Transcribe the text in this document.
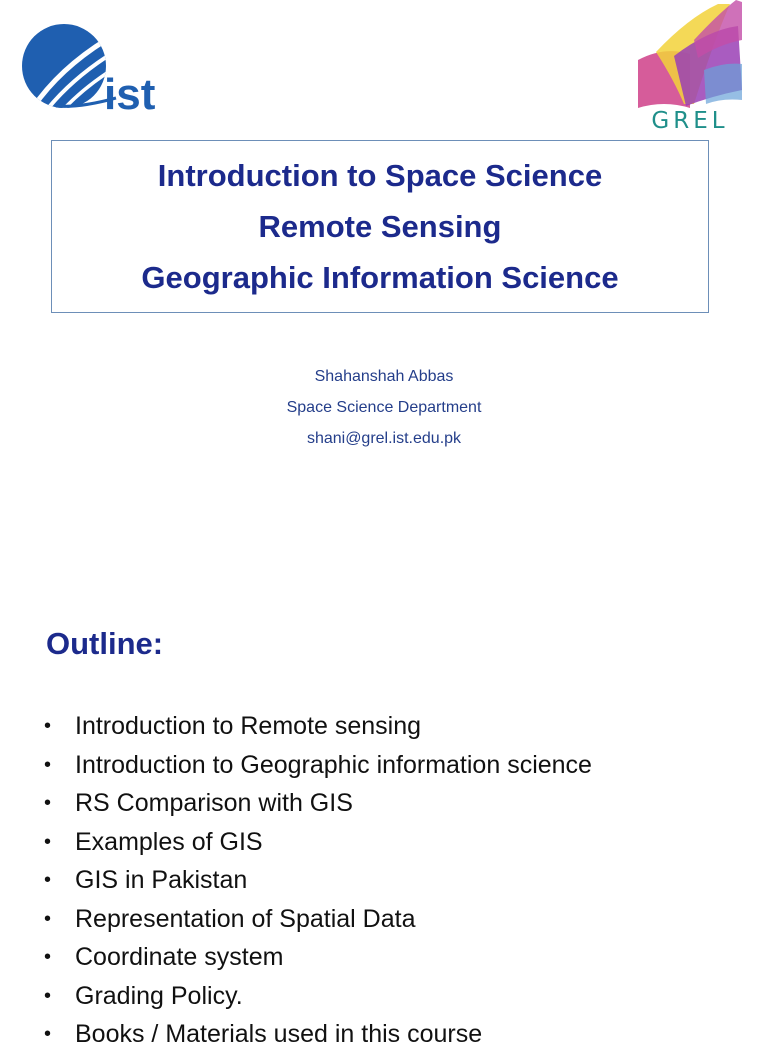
ist
GREL
Introduction to Space Science
Remote Sensing
Geographic Information Science
Shahanshah Abbas
Space Science Department
shani@grel.ist.edu.pk
Outline:
• Introduction to Remote sensing
• Introduction to Geographic information science
• RS Comparison with GIS
• Examples of GIS
• GIS in Pakistan
• Representation of Spatial Data
• Coordinate system
• Grading Policy.
• Books / Materials used in this course
